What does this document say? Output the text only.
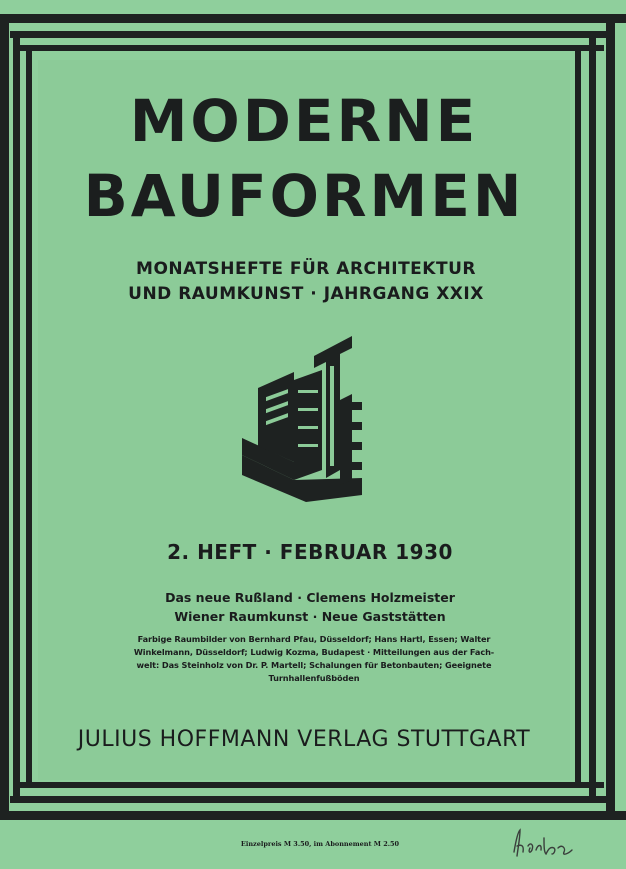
MODERNE
BAUFORMEN
MONATSHEFTE FÜR ARCHITEKTUR
UND RAUMKUNST · JAHRGANG XXIX
2. HEFT · FEBRUAR 1930
Das neue Rußland · Clemens Holzmeister
Wiener Raumkunst · Neue Gaststätten
Farbige Raumbilder von Bernhard Pfau, Düsseldorf; Hans Hartl, Essen; Walter
Winkelmann, Düsseldorf; Ludwig Kozma, Budapest · Mitteilungen aus der Fach-
welt: Das Steinholz von Dr. P. Martell; Schalungen für Betonbauten; Geeignete
Turnhallenfußböden
JULIUS HOFFMANN VERLAG STUTTGART
Einzelpreis M 3.50, im Abonnement M 2.50
